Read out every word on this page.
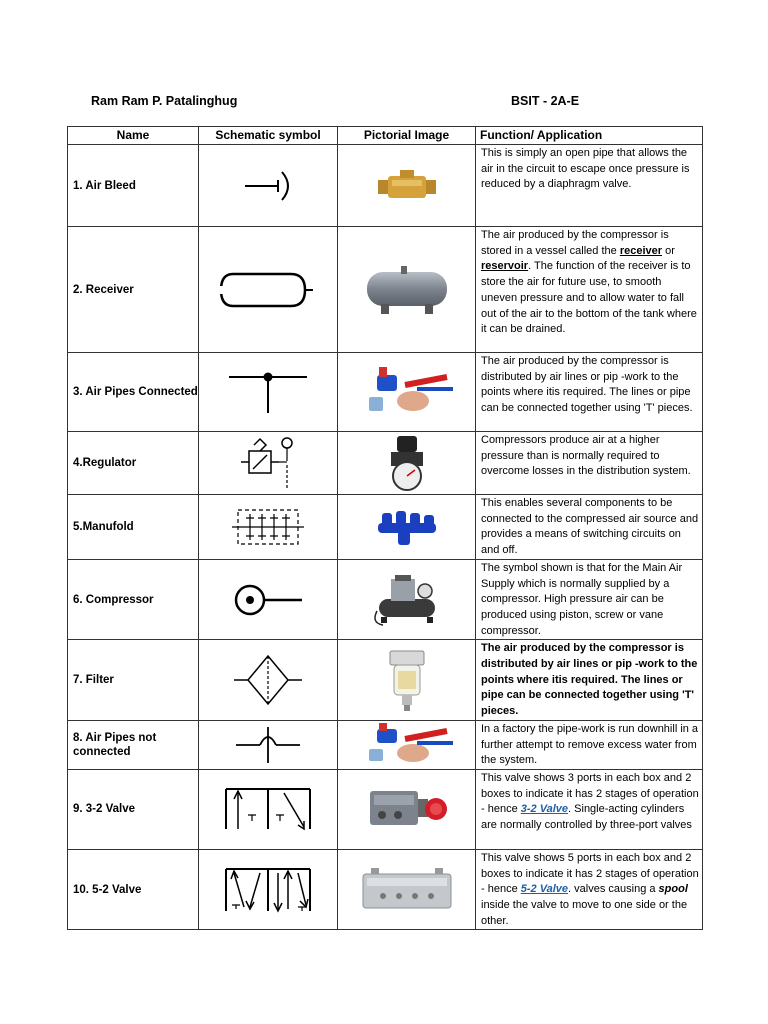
Ram Ram P. Patalinghug	BSIT - 2A-E
Name	Schematic symbol	Pictorial Image	Function/ Application
1. Air Bleed			This is simply an open pipe that allows the air in the circuit to escape once pressure is reduced by a diaphragm valve.
2. Receiver			The air produced by the compressor is stored in a vessel called the receiver or reservoir. The function of the receiver is to store the air for future use, to smooth uneven pressure and to allow water to fall out of the air to the bottom of the tank where it can be drained.
3. Air Pipes Connected			The air produced by the compressor is distributed by air lines or pip -work to the points where itis required. The lines or pipe can be connected together using 'T' pieces.
4.Regulator			Compressors produce air at a higher pressure than is normally required to overcome losses in the distribution system.
5.Manufold			This enables several components to be connected to the compressed air source and provides a means of switching circuits on and off.
6. Compressor			The symbol shown is that for the Main Air Supply which is normally supplied by a compressor. High pressure air can be produced using piston, screw or vane compressor.
7. Filter			The air produced by the compressor is distributed by air lines or pip -work to the points where itis required. The lines or pipe can be connected together using 'T' pieces.
8. Air Pipes not connected			In a factory the pipe-work is run downhill in a further attempt to remove excess water from the system.
9. 3-2 Valve			This valve shows 3 ports in each box and 2 boxes to indicate it has 2 stages of operation - hence 3-2 Valve. Single-acting cylinders are normally controlled by three-port valves
10. 5-2 Valve			This valve shows 5 ports in each box and 2 boxes to indicate it has 2 stages of operation - hence 5-2 Valve. valves causing a spool inside the valve to move to one side or the other.
